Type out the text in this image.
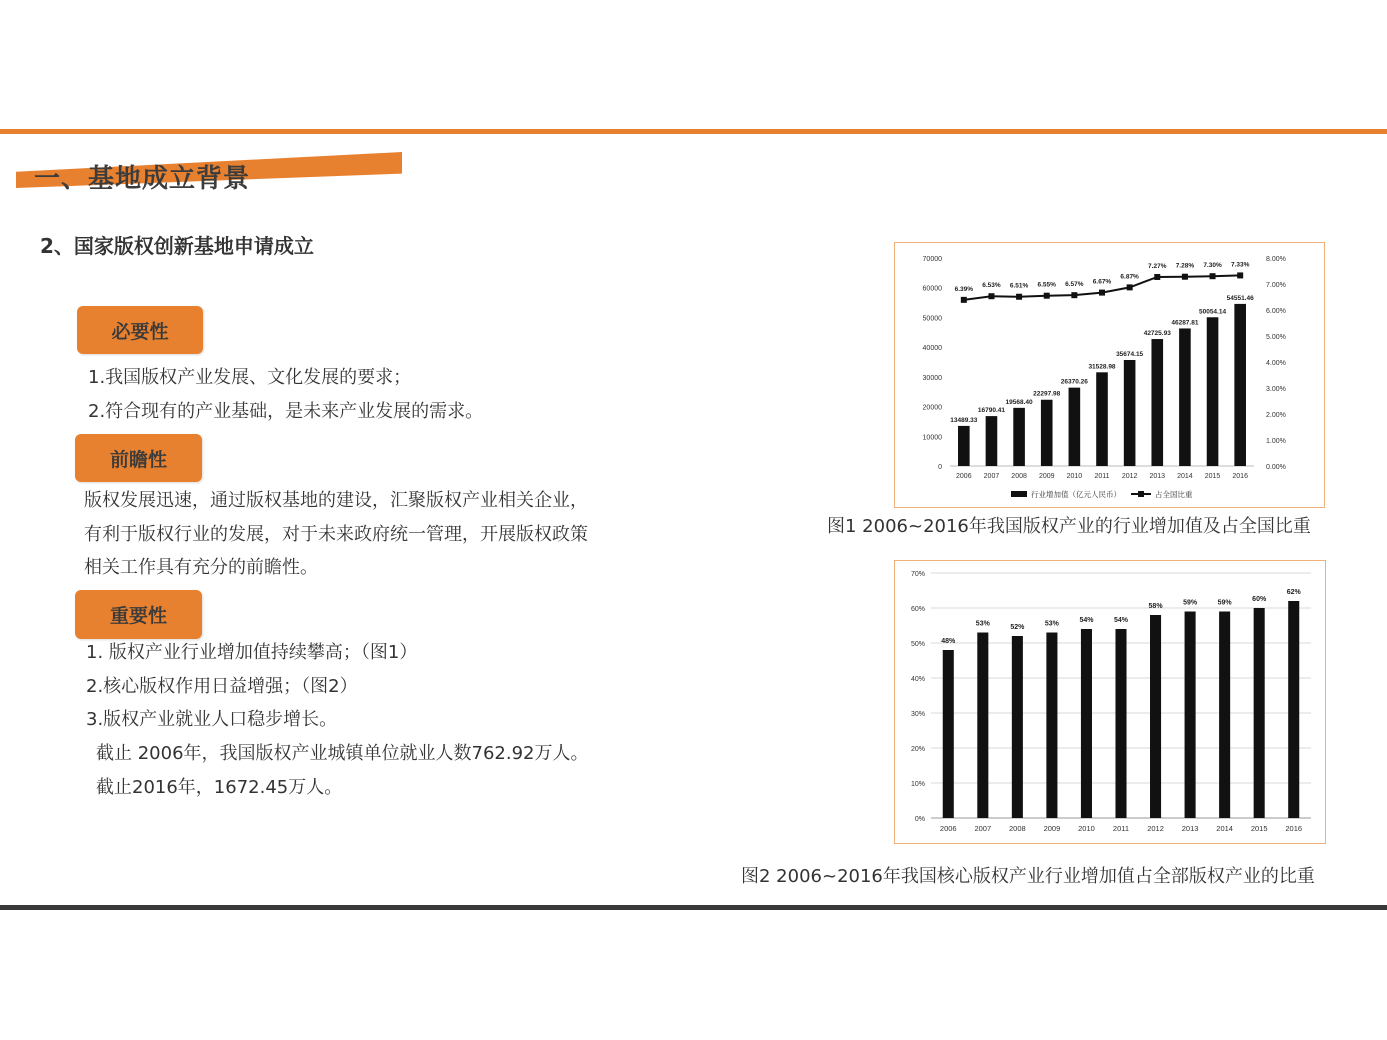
一、基地成立背景
2、国家版权创新基地申请成立
必要性
1.我国版权产业发展、文化发展的要求；
2.符合现有的产业基础，是未来产业发展的需求。
前瞻性
版权发展迅速，通过版权基地的建设，汇聚版权产业相关企业，
有利于版权行业的发展，对于未来政府统一管理，开展版权政策
相关工作具有充分的前瞻性。
重要性
1. 版权产业行业增加值持续攀高；（图1）
2.核心版权作用日益增强；（图2）
3.版权产业就业人口稳步增长。
截止 2006年，我国版权产业城镇单位就业人数762.92万人。
截止2016年，1672.45万人。
0
10000
20000
30000
40000
50000
60000
70000
0.00%
1.00%
2.00%
3.00%
4.00%
5.00%
6.00%
7.00%
8.00%
13489.33
2006
16790.41
2007
19568.40
2008
22297.98
2009
26370.26
2010
31528.98
2011
35674.15
2012
42725.93
2013
46287.81
2014
50054.14
2015
54551.46
2016
6.39%
6.53% 6.51% 6.55% 6.57% 6.67%
6.87%
7.27% 7.28% 7.30% 7.33%
行业增加值（亿元人民币）	占全国比重
图1 2006~2016年我国版权产业的行业增加值及占全国比重
0%
10%
20%
30%
40%
50%
60%
70%
48%
2006
53%
2007
52%
2008
53%
2009
54%
2010
54%
2011
58%
2012
59%
2013
59%
2014
60%
2015
62%
2016
图2 2006~2016年我国核心版权产业行业增加值占全部版权产业的比重
